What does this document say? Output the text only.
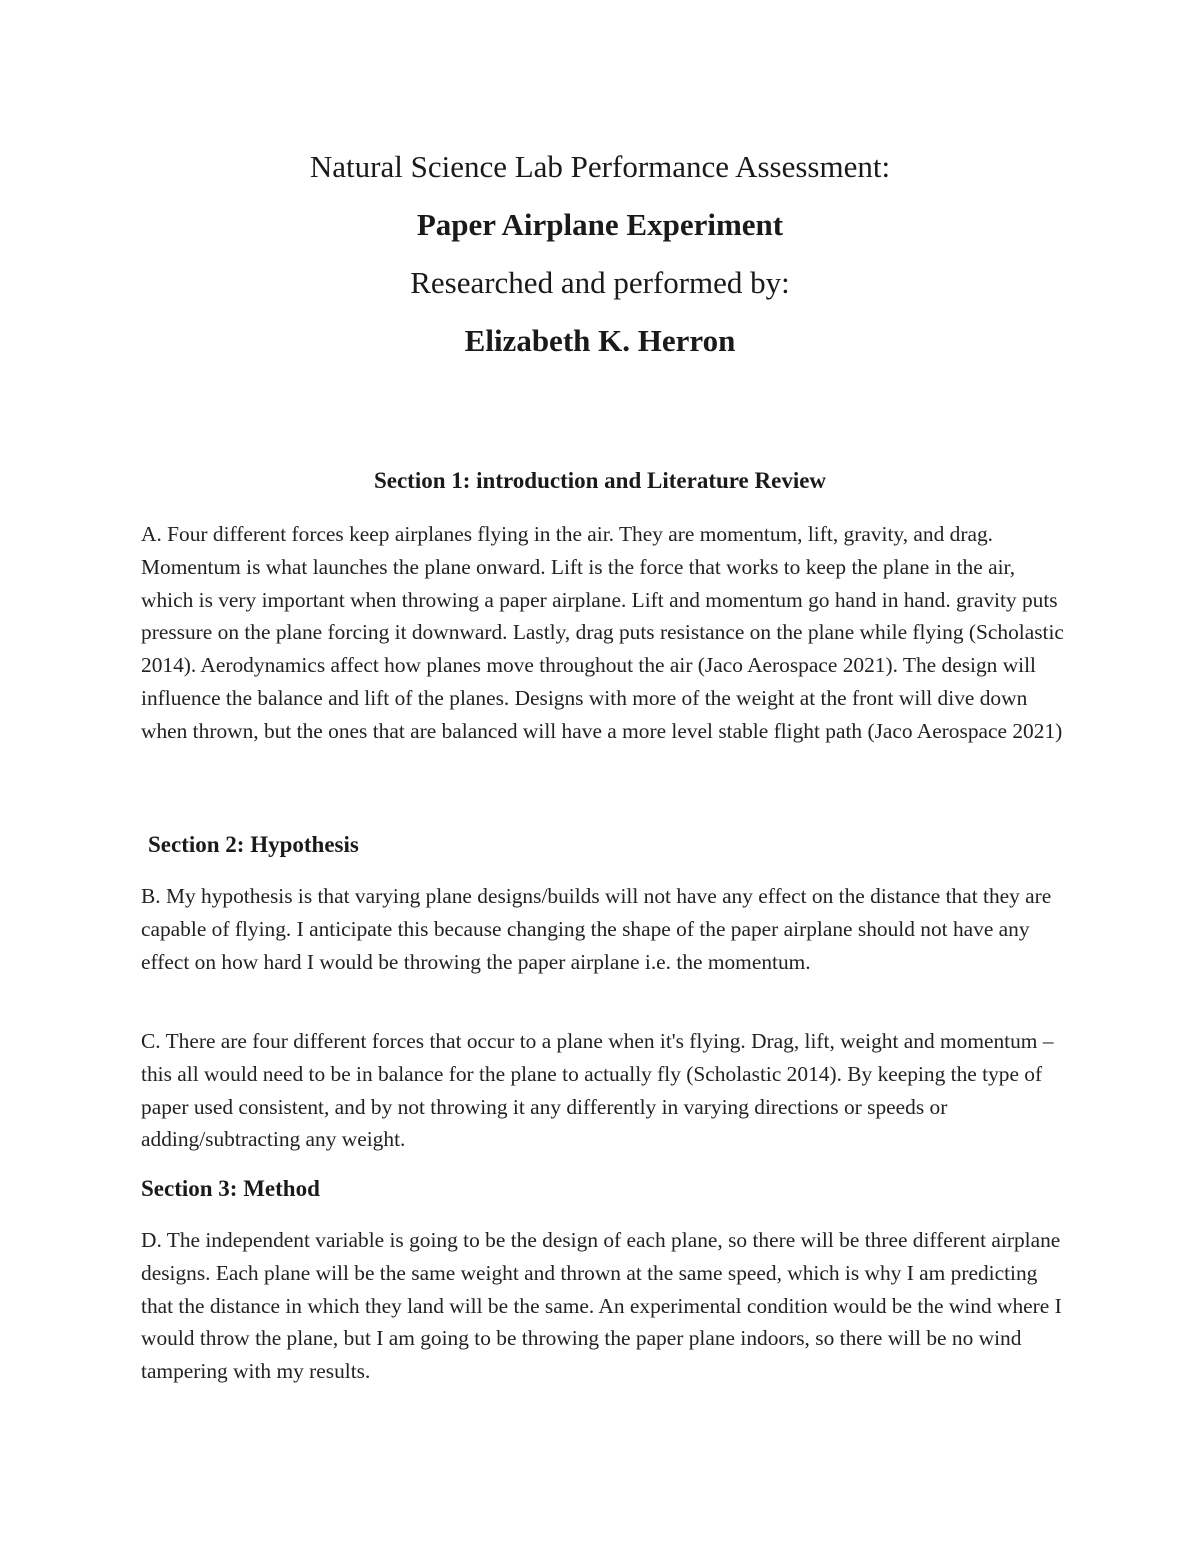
Natural Science Lab Performance Assessment:

Paper Airplane Experiment

Researched and performed by:

Elizabeth K. Herron

Section 1: introduction and Literature Review

A. Four different forces keep airplanes flying in the air. They are momentum, lift, gravity, and drag. Momentum is what launches the plane onward. Lift is the force that works to keep the plane in the air, which is very important when throwing a paper airplane. Lift and momentum go hand in hand. gravity puts pressure on the plane forcing it downward. Lastly, drag puts resistance on the plane while flying (Scholastic 2014). Aerodynamics affect how planes move throughout the air (Jaco Aerospace 2021). The design will influence the balance and lift of the planes. Designs with more of the weight at the front will dive down when thrown, but the ones that are balanced will have a more level stable flight path (Jaco Aerospace 2021)

Section 2: Hypothesis

B. My hypothesis is that varying plane designs/builds will not have any effect on the distance that they are capable of flying. I anticipate this because changing the shape of the paper airplane should not have any effect on how hard I would be throwing the paper airplane i.e. the momentum.

C. There are four different forces that occur to a plane when it's flying. Drag, lift, weight and momentum – this all would need to be in balance for the plane to actually fly (Scholastic 2014). By keeping the type of paper used consistent, and by not throwing it any differently in varying directions or speeds or adding/subtracting any weight.

Section 3: Method

D. The independent variable is going to be the design of each plane, so there will be three different airplane designs. Each plane will be the same weight and thrown at the same speed, which is why I am predicting that the distance in which they land will be the same. An experimental condition would be the wind where I would throw the plane, but I am going to be throwing the paper plane indoors, so there will be no wind tampering with my results.
